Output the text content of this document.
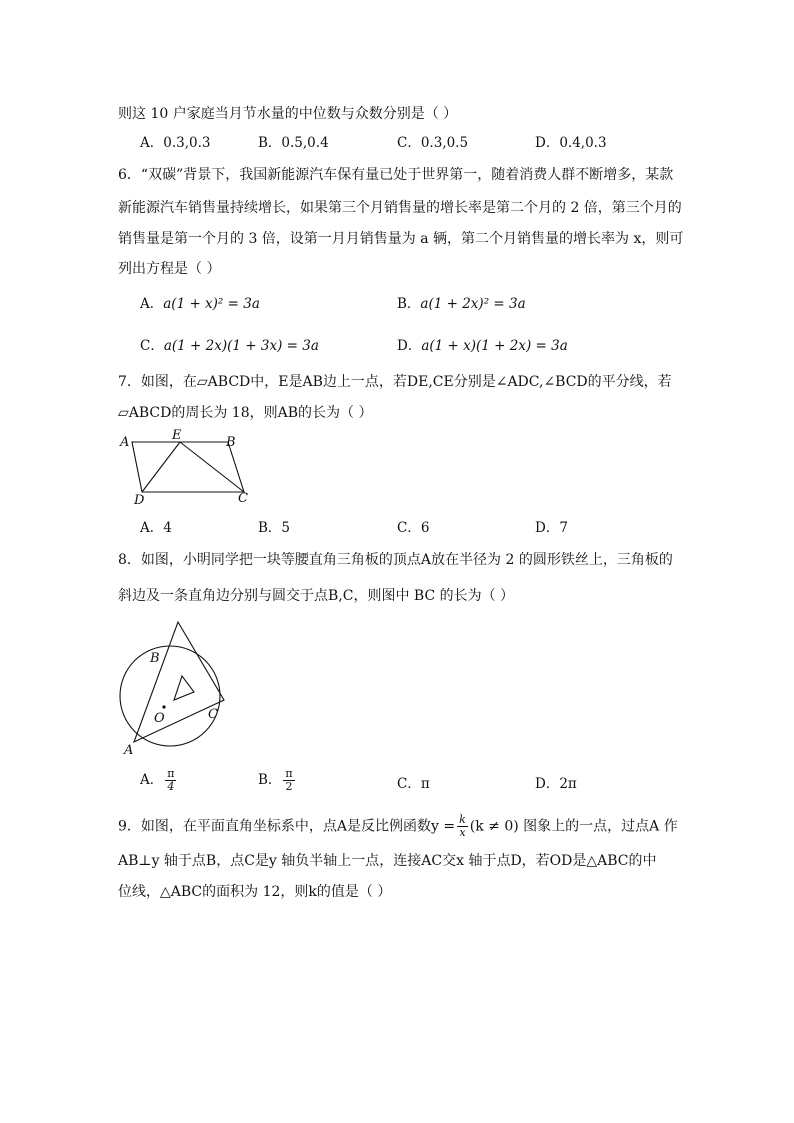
则这 10 户家庭当月节水量的中位数与众数分别是（ ）
A．0.3,0.3	B．0.5,0.4	C．0.3,0.5	D．0.4,0.3
6．“双碳”背景下，我国新能源汽车保有量已处于世界第一，随着消费人群不断增多，某款
新能源汽车销售量持续增长，如果第三个月销售量的增长率是第二个月的 2 倍，第三个月的
销售量是第一个月的 3 倍，设第一月月销售量为 a 辆，第二个月销售量的增长率为 x，则可
列出方程是（ ）
A．a(1 + x)² = 3a	B．a(1 + 2x)² = 3a
C．a(1 + 2x)(1 + 3x) = 3a	D．a(1 + x)(1 + 2x) = 3a
7．如图，在▱ABCD中，E是AB边上一点，若DE,CE分别是∠ADC,∠BCD的平分线，若
▱ABCD的周长为 18，则AB的长为（ ）
A	E	B
D	C
A．4	B．5	C．6	D．7
8．如图，小明同学把一块等腰直角三角板的顶点A放在半径为 2 的圆形铁丝上，三角板的
斜边及一条直角边分别与圆交于点B,C，则图中 BC 的长为（ ）
B
C
O
A
A． $\frac{\pi}{4}$	B． $\frac{\pi}{2}$	C．π	D．2π
9．如图，在平面直角坐标系中，点A是反比例函数$y = \frac{k}{x} (k \ne 0)$ 图象上的一点，过点A 作
AB⊥y 轴于点B，点C是y 轴负半轴上一点，连接AC交x 轴于点D，若OD是△ABC的中
位线，△ABC的面积为 12，则k的值是（ ）
